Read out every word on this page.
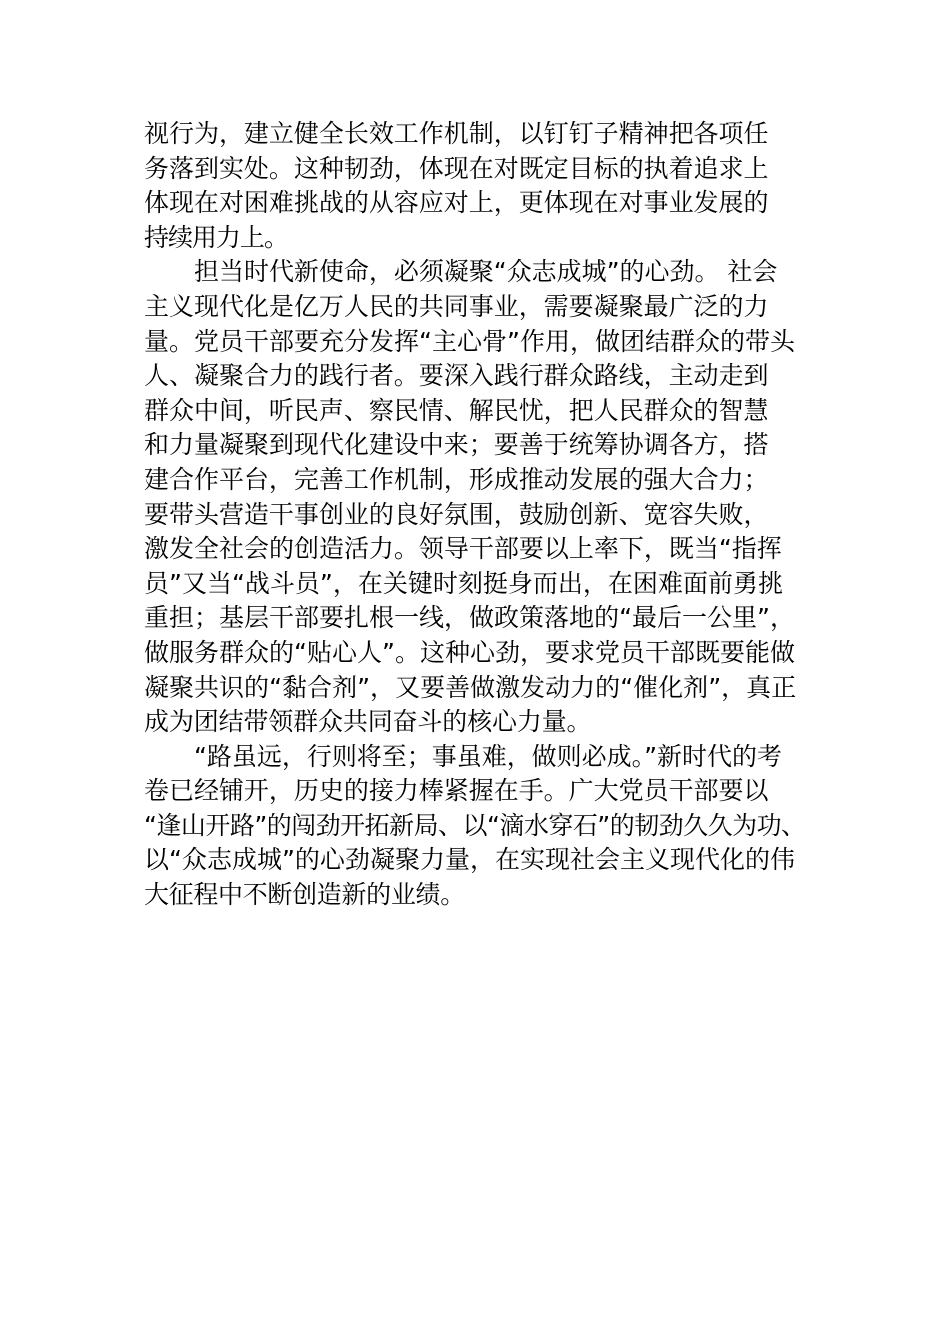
视行为，建立健全长效工作机制，以钉钉子精神把各项任
务落到实处。这种韧劲，体现在对既定目标的执着追求上
体现在对困难挑战的从容应对上，更体现在对事业发展的
持续用力上。
担当时代新使命，必须凝聚“众志成城”的心劲。 社会
主义现代化是亿万人民的共同事业，需要凝聚最广泛的力
量。党员干部要充分发挥“主心骨”作用，做团结群众的带头
人、凝聚合力的践行者。要深入践行群众路线，主动走到
群众中间，听民声、察民情、解民忧，把人民群众的智慧
和力量凝聚到现代化建设中来；要善于统筹协调各方，搭
建合作平台，完善工作机制，形成推动发展的强大合力；
要带头营造干事创业的良好氛围，鼓励创新、宽容失败，
激发全社会的创造活力。领导干部要以上率下，既当“指挥
员”又当“战斗员”，在关键时刻挺身而出，在困难面前勇挑
重担；基层干部要扎根一线，做政策落地的“最后一公里”，
做服务群众的“贴心人”。这种心劲，要求党员干部既要能做
凝聚共识的“黏合剂”，又要善做激发动力的“催化剂”，真正
成为团结带领群众共同奋斗的核心力量。
“路虽远，行则将至；事虽难，做则必成。”新时代的考
卷已经铺开，历史的接力棒紧握在手。广大党员干部要以
“逢山开路”的闯劲开拓新局、以“滴水穿石”的韧劲久久为功、
以“众志成城”的心劲凝聚力量，在实现社会主义现代化的伟
大征程中不断创造新的业绩。
